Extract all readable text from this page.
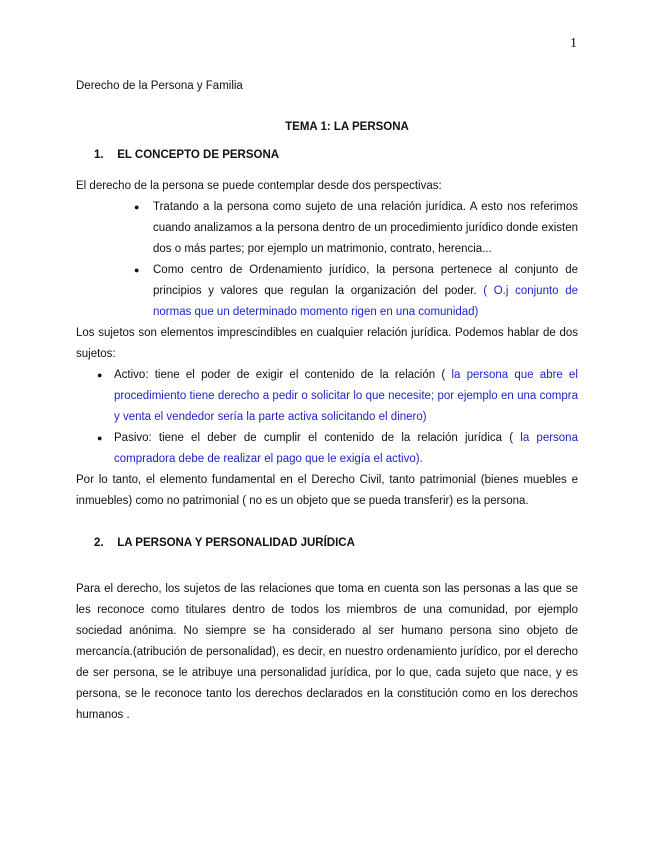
1
Derecho de la Persona y Familia
TEMA 1: LA PERSONA
1. EL CONCEPTO DE PERSONA

El derecho de la persona se puede contemplar desde dos perspectivas:

● Tratando a la persona como sujeto de una relación jurídica. A esto nos referimos cuando analizamos a la persona dentro de un procedimiento jurídico donde existen dos o más partes; por ejemplo un matrimonio, contrato, herencia...
● Como centro de Ordenamiento jurídico, la persona pertenece al conjunto de principios y valores que regulan la organización del poder. ( O.j conjunto de normas que un determinado momento rigen en una comunidad)

Los sujetos son elementos imprescindibles en cualquier relación jurídica. Podemos hablar de dos sujetos:

● Activo: tiene el poder de exigir el contenido de la relación ( la persona que abre el procedimiento tiene derecho a pedir o solicitar lo que necesite; por ejemplo en una compra y venta el vendedor sería la parte activa solicitando el dinero)
● Pasivo: tiene el deber de cumplir el contenido de la relación jurídica ( la persona compradora debe de realizar el pago que le exigía el activo).

Por lo tanto, el elemento fundamental en el Derecho Civil, tanto patrimonial (bienes muebles e inmuebles) como no patrimonial ( no es un objeto que se pueda transferir) es la persona.

2. LA PERSONA Y PERSONALIDAD JURÍDICA

Para el derecho, los sujetos de las relaciones que toma en cuenta son las personas a las que se les reconoce como titulares dentro de todos los miembros de una comunidad, por ejemplo sociedad anónima. No siempre se ha considerado al ser humano persona sino objeto de mercancía.(atribución de personalidad), es decir, en nuestro ordenamiento jurídico, por el derecho de ser persona, se le atribuye una personalidad jurídica, por lo que, cada sujeto que nace, y es persona, se le reconoce tanto los derechos declarados en la constitución como en los derechos humanos .
